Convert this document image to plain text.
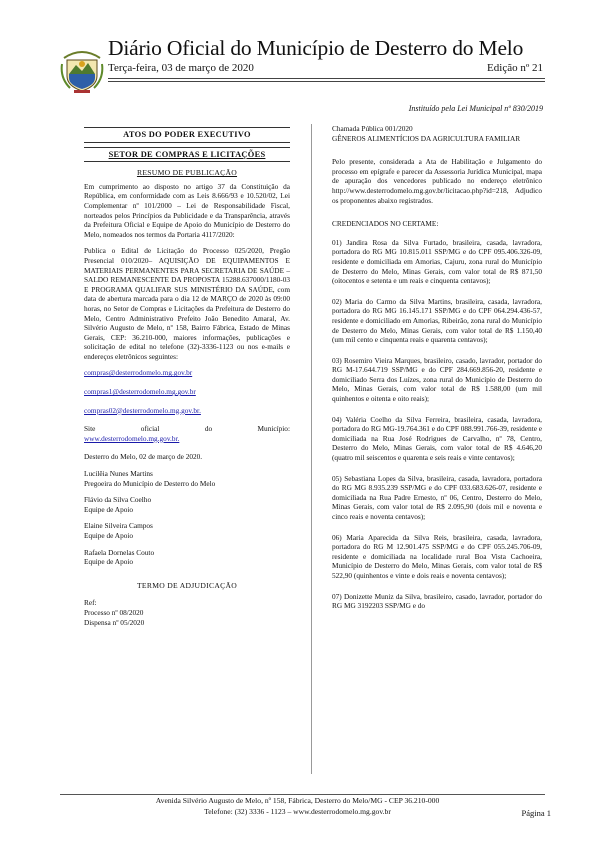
Diário Oficial do Município de Desterro do Melo
Terça-feira, 03 de março de 2020	Edição nº 21
Instituído pela Lei Municipal nº 830/2019
ATOS DO PODER EXECUTIVO
SETOR DE COMPRAS E LICITAÇÕES
RESUMO DE PUBLICAÇÃO

Em cumprimento ao disposto no artigo 37 da Constituição da República, em conformidade com as Leis 8.666/93 e 10.520/02, Lei Complementar nº 101/2000 – Lei de Responsabilidade Fiscal, norteados pelos Princípios da Publicidade e da Transparência, através da Prefeitura Oficial e Equipe de Apoio do Município de Desterro do Melo, nomeados nos termos da Portaria 4117/2020:

Publica o Edital de Licitação do Processo 025/2020, Pregão Presencial 010/2020– AQUISIÇÃO DE EQUIPAMENTOS E MATERIAIS PERMANENTES PARA SECRETARIA DE SAÚDE – SALDO REMANESCENTE DA PROPOSTA 15288.637000/1180-03 E PROGRAMA QUALIFAR SUS MINISTÉRIO DA SAÚDE, com data de abertura marcada para o dia 12 de MARÇO de 2020 às 09:00 horas, no Setor de Compras e Licitações da Prefeitura de Desterro do Melo, Centro Administrativo Prefeito João Benedito Amaral, Av. Silvério Augusto de Melo, nº 158, Bairro Fábrica, Estado de Minas Gerais, CEP: 36.210-000, maiores informações, publicações e solicitação de edital no telefone (32)-3336-1123 ou nos e-mails e endereços eletrônicos seguintes:

compras@desterrodomelo.mg.gov.br
compras1@desterrodomelo.mg.gov.br
compras02@desterrodomelo.mg.gov.br.

Site oficial do Município:

www.desterrodomelo.mg.gov.br.

Desterro do Melo, 02 de março de 2020.

Lucilêia Nunes Martins
Pregoeira do Município de Desterro do Melo
Flávio da Silva Coelho
Equipe de Apoio
Elaine Silveira Campos
Equipe de Apoio
Rafaela Dornelas Couto
Equipe de Apoio
TERMO DE ADJUDICAÇÃO
Ref:
Processo nº 08/2020
Dispensa nº 05/2020
Chamada Pública 001/2020

GÊNEROS ALIMENTÍCIOS DA AGRICULTURA FAMILIAR

Pelo presente, considerada a Ata de Habilitação e Julgamento do processo em epígrafe e parecer da Assessoria Jurídica Municipal, mapa de apuração dos vencedores publicado no endereço eletrônico http://www.desterrodomelo.mg.gov.br/licitacao.php?id=218, Adjudico os proponentes abaixo registrados.

CREDENCIADOS NO CERTAME:

01) Jandira Rosa da Silva Furtado, brasileira, casada, lavradora, portadora do RG MG 10.815.011 SSP/MG e do CPF 095.406.326-09, residente e domiciliada em Amorias, Cajuru, zona rural do Município de Desterro do Melo, Minas Gerais, com valor total de R$ 871,50 (oitocentos e setenta e um reais e cinquenta centavos);

02) Maria do Carmo da Silva Martins, brasileira, casada, lavradora, portadora do RG MG 16.145.171 SSP/MG e do CPF 064.294.436-57, residente e domiciliado em Amorias, Ribeirão, zona rural do Município de Desterro do Melo, Minas Gerais, com valor total de R$ 1.150,40 (um mil cento e cinquenta reais e quarenta centavos);

03) Rosemiro Vieira Marques, brasileiro, casado, lavrador, portador do RG M-17.644.719 SSP/MG e do CPF 284.669.856-20, residente e domiciliado Serra dos Luízes, zona rural do Município de Desterro do Melo, Minas Gerais, com valor total de R$ 1.588,00 (um mil quinhentos e oitenta e oito reais);

04) Valéria Coelho da Silva Ferreira, brasileira, casada, lavradora, portadora do RG MG-19.764.361 e do CPF 088.991.766-39, residente e domiciliada na Rua José Rodrigues de Carvalho, nº 78, Centro, Desterro do Melo, Minas Gerais, com valor total de R$ 4.646,20 (quatro mil seiscentos e quarenta e seis reais e vinte centavos);

05) Sebastiana Lopes da Silva, brasileira, casada, lavradora, portadora do RG MG 8.935.239 SSP/MG e do CPF 033.683.626-07, residente e domiciliada na Rua Padre Ernesto, nº 06, Centro, Desterro do Melo, Minas Gerais, com valor total de R$ 2.095,90 (dois mil e noventa e cinco reais e noventa centavos);

06) Maria Aparecida da Silva Reis, brasileira, casada, lavradora, portadora do RG M 12.901.475 SSP/MG e do CPF 055.245.706-09, residente e domiciliada na localidade rural Boa Vista Cachoeira, Município de Desterro do Melo, Minas Gerais, com valor total de R$ 522,90 (quinhentos e vinte e dois reais e noventa centavos);

07) Donizette Muniz da Silva, brasileiro, casado, lavrador, portador do RG MG 3192203 SSP/MG e do

Avenida Silvério Augusto de Melo, nº 158, Fábrica, Desterro do Melo/MG - CEP 36.210-000
Telefone: (32) 3336 - 1123 – www.desterrodomelo.mg.gov.br	Página 1
